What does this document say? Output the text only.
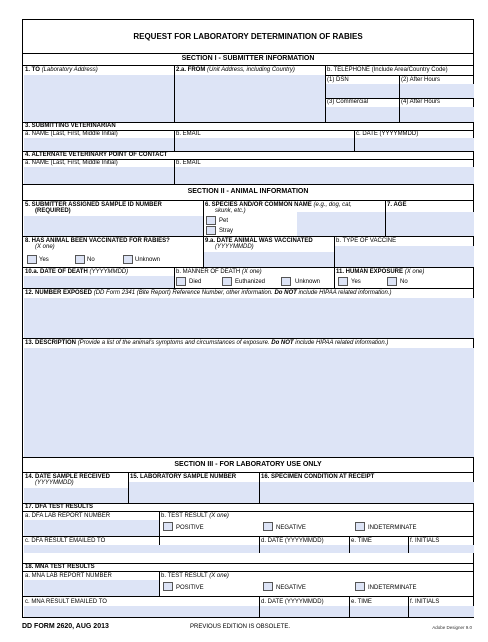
REQUEST FOR LABORATORY DETERMINATION OF RABIES
SECTION I - SUBMITTER INFORMATION
1. TO (Laboratory Address)	2.a. FROM (Unit Address, including Country)	b. TELEPHONE (Include Area/Country Code)
(1) DSN	(2) After Hours
(3) Commercial	(4) After Hours
3. SUBMITTING VETERINARIAN
a. NAME (Last, First, Middle Initial)	b. EMAIL	c. DATE (YYYYMMDD)
4. ALTERNATE VETERINARY POINT OF CONTACT
a. NAME (Last, First, Middle Initial)	b. EMAIL
SECTION II - ANIMAL INFORMATION
5. SUBMITTER ASSIGNED SAMPLE ID NUMBER
(REQUIRED)
6. SPECIES AND/OR COMMON NAME (e.g., dog, cat,
skunk, etc.)
Pet
Stray
7. AGE
8. HAS ANIMAL BEEN VACCINATED FOR RABIES?
(X one)
Yes	No	Unknown
9.a. DATE ANIMAL WAS VACCINATED
(YYYYMMDD)
b. TYPE OF VACCINE
10.a. DATE OF DEATH (YYYYMMDD)	b. MANNER OF DEATH (X one)
Died	Euthanized	Unknown
11. HUMAN EXPOSURE (X one)
Yes	No
12. NUMBER EXPOSED (DD Form 2341 (Bite Report) Reference Number, other information. Do NOT include HIPAA related information.)
13. DESCRIPTION (Provide a list of the animal's symptoms and circumstances of exposure. Do NOT include HIPAA related information.)
SECTION III - FOR LABORATORY USE ONLY
14. DATE SAMPLE RECEIVED
(YYYYMMDD)
15. LABORATORY SAMPLE NUMBER	16. SPECIMEN CONDITION AT RECEIPT
17. DFA TEST RESULTS
a. DFA LAB REPORT NUMBER	b. TEST RESULT (X one)
POSITIVE	NEGATIVE	INDETERMINATE
c. DFA RESULT EMAILED TO	d. DATE (YYYYMMDD)	e. TIME	f. INITIALS
18. MNA TEST RESULTS
a. MNA LAB REPORT NUMBER	b. TEST RESULT (X one)
POSITIVE	NEGATIVE	INDETERMINATE
c. MNA RESULT EMAILED TO	d. DATE (YYYYMMDD)	e. TIME	f. INITIALS
DD FORM 2620, AUG 2013	PREVIOUS EDITION IS OBSOLETE.	Adobe Designer 9.0
